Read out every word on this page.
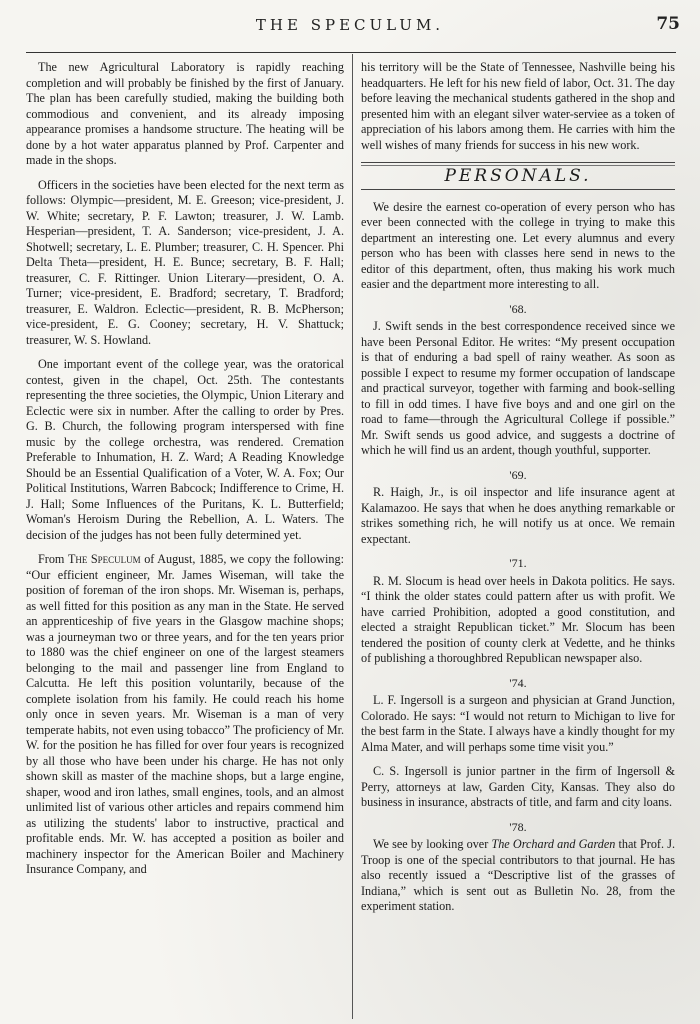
THE SPECULUM.	75

The new Agricultural Laboratory is rapidly reaching completion and will probably be finished by the first of January. The plan has been carefully studied, making the building both commodious and convenient, and its already imposing appearance promises a handsome structure. The heating will be done by a hot water apparatus planned by Prof. Carpenter and made in the shops.

Officers in the societies have been elected for the next term as follows: Olympic—president, M. E. Greeson; vice-president, J. W. White; secretary, P. F. Lawton; treasurer, J. W. Lamb. Hesperian—president, T. A. Sanderson; vice-president, J. A. Shotwell; secretary, L. E. Plumber; treasurer, C. H. Spencer. Phi Delta Theta—president, H. E. Bunce; secretary, B. F. Hall; treasurer, C. F. Rittinger. Union Literary—president, O. A. Turner; vice-president, E. Bradford; secretary, T. Bradford; treasurer, E. Waldron. Eclectic—president, R. B. McPherson; vice-president, E. G. Cooney; secretary, H. V. Shattuck; treasurer, W. S. Howland.

One important event of the college year, was the oratorical contest, given in the chapel, Oct. 25th. The contestants representing the three societies, the Olympic, Union Literary and Eclectic were six in number. After the calling to order by Pres. G. B. Church, the following program interspersed with fine music by the college orchestra, was rendered. Cremation Preferable to Inhumation, H. Z. Ward; A Reading Knowledge Should be an Essential Qualification of a Voter, W. A. Fox; Our Political Institutions, Warren Babcock; Indifference to Crime, H. J. Hall; Some Influences of the Puritans, K. L. Butterfield; Woman's Heroism During the Rebellion, A. L. Waters. The decision of the judges has not been fully determined yet.

From The Speculum of August, 1885, we copy the following: “Our efficient engineer, Mr. James Wiseman, will take the position of foreman of the iron shops. Mr. Wiseman is, perhaps, as well fitted for this position as any man in the State. He served an apprenticeship of five years in the Glasgow machine shops; was a journeyman two or three years, and for the ten years prior to 1880 was the chief engineer on one of the largest steamers belonging to the mail and passenger line from England to Calcutta. He left this position voluntarily, because of the complete isolation from his family. He could reach his home only once in seven years. Mr. Wiseman is a man of very temperate habits, not even using tobacco” The proficiency of Mr. W. for the position he has filled for over four years is recognized by all those who have been under his charge. He has not only shown skill as master of the machine shops, but a large engine, shaper, wood and iron lathes, small engines, tools, and an almost unlimited list of various other articles and repairs commend him as utilizing the students' labor to instructive, practical and profitable ends. Mr. W. has accepted a position as boiler and machinery inspector for the American Boiler and Machinery Insurance Company, and

his territory will be the State of Tennessee, Nashville being his headquarters. He left for his new field of labor, Oct. 31. The day before leaving the mechanical students gathered in the shop and presented him with an elegant silver water-serviee as a token of appreciation of his labors among them. He carries with him the well wishes of many friends for success in his new work.

PERSONALS.

We desire the earnest co-operation of every person who has ever been connected with the college in trying to make this department an interesting one. Let every alumnus and every person who has been with classes here send in news to the editor of this department, often, thus making his work much easier and the department more interesting to all.

'68.

J. Swift sends in the best correspondence received since we have been Personal Editor. He writes: “My present occupation is that of enduring a bad spell of rainy weather. As soon as possible I expect to resume my former occupation of landscape and practical surveyor, together with farming and book-selling to fill in odd times. I have five boys and and one girl on the road to fame—through the Agricultural College if possible.” Mr. Swift sends us good advice, and suggests a doctrine of which he will find us an ardent, though youthful, supporter.

'69.

R. Haigh, Jr., is oil inspector and life insurance agent at Kalamazoo. He says that when he does anything remarkable or strikes something rich, he will notify us at once. We remain expectant.

'71.

R. M. Slocum is head over heels in Dakota politics. He says. “I think the older states could pattern after us with profit. We have carried Prohibition, adopted a good constitution, and elected a straight Republican ticket.” Mr. Slocum has been tendered the position of county clerk at Vedette, and he thinks of publishing a thoroughbred Republican newspaper also.

'74.

L. F. Ingersoll is a surgeon and physician at Grand Junction, Colorado. He says: “I would not return to Michigan to live for the best farm in the State. I always have a kindly thought for my Alma Mater, and will perhaps some time visit you.”

C. S. Ingersoll is junior partner in the firm of Ingersoll & Perry, attorneys at law, Garden City, Kansas. They also do business in insurance, abstracts of title, and farm and city loans.

'78.

We see by looking over The Orchard and Garden that Prof. J. Troop is one of the special contributors to that journal. He has also recently issued a “Descriptive list of the grasses of Indiana,” which is sent out as Bulletin No. 28, from the experiment station.
